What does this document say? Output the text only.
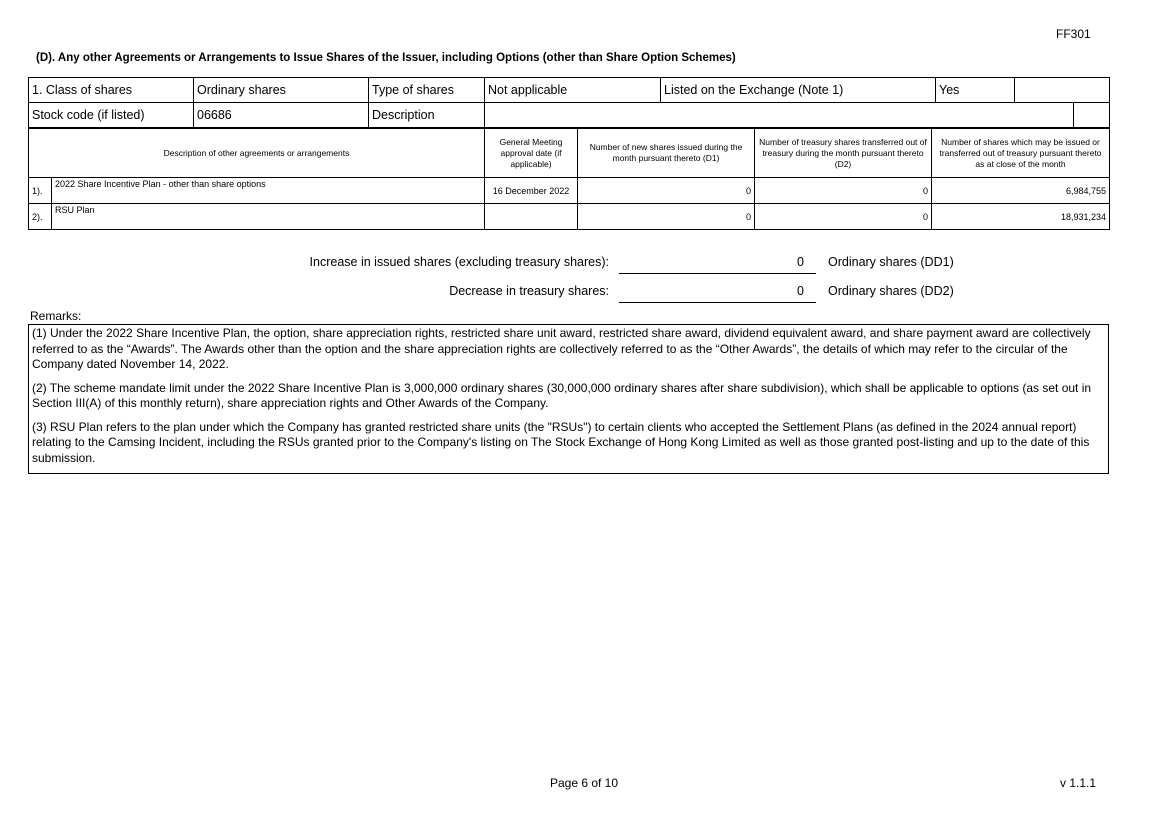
FF301
(D). Any other Agreements or Arrangements to Issue Shares of the Issuer, including Options (other than Share Option Schemes)
1. Class of shares	Ordinary shares	Type of shares	Not applicable	Listed on the Exchange (Note 1)	Yes		
Stock code (if listed)	06686	Description					
Description of other agreements or arrangements		General Meeting approval date (if applicable)	Number of new shares issued during the month pursuant thereto (D1)	Number of treasury shares transferred out of treasury during the month pursuant thereto (D2)	Number of shares which may be issued or transferred out of treasury pursuant thereto as at close of the month
1).	2022 Share Incentive Plan - other than share options	16 December 2022	0	0	6,984,755
2).	RSU Plan		0	0	18,931,234
Increase in issued shares (excluding treasury shares):	0 Ordinary shares (DD1)
Decrease in treasury shares:	0 Ordinary shares (DD2)
Remarks:

(1) Under the 2022 Share Incentive Plan, the option, share appreciation rights, restricted share unit award, restricted share award, dividend equivalent award, and share payment award are collectively referred to as the “Awards”. The Awards other than the option and the share appreciation rights are collectively referred to as the “Other Awards”, the details of which may refer to the circular of the Company dated November 14, 2022.

(2) The scheme mandate limit under the 2022 Share Incentive Plan is 3,000,000 ordinary shares (30,000,000 ordinary shares after share subdivision), which shall be applicable to options (as set out in Section III(A) of this monthly return), share appreciation rights and Other Awards of the Company.

(3) RSU Plan refers to the plan under which the Company has granted restricted share units (the "RSUs") to certain clients who accepted the Settlement Plans (as defined in the 2024 annual report) relating to the Camsing Incident, including the RSUs granted prior to the Company's listing on The Stock Exchange of Hong Kong Limited as well as those granted post-listing and up to the date of this submission.

Page 6 of 10	v 1.1.1
